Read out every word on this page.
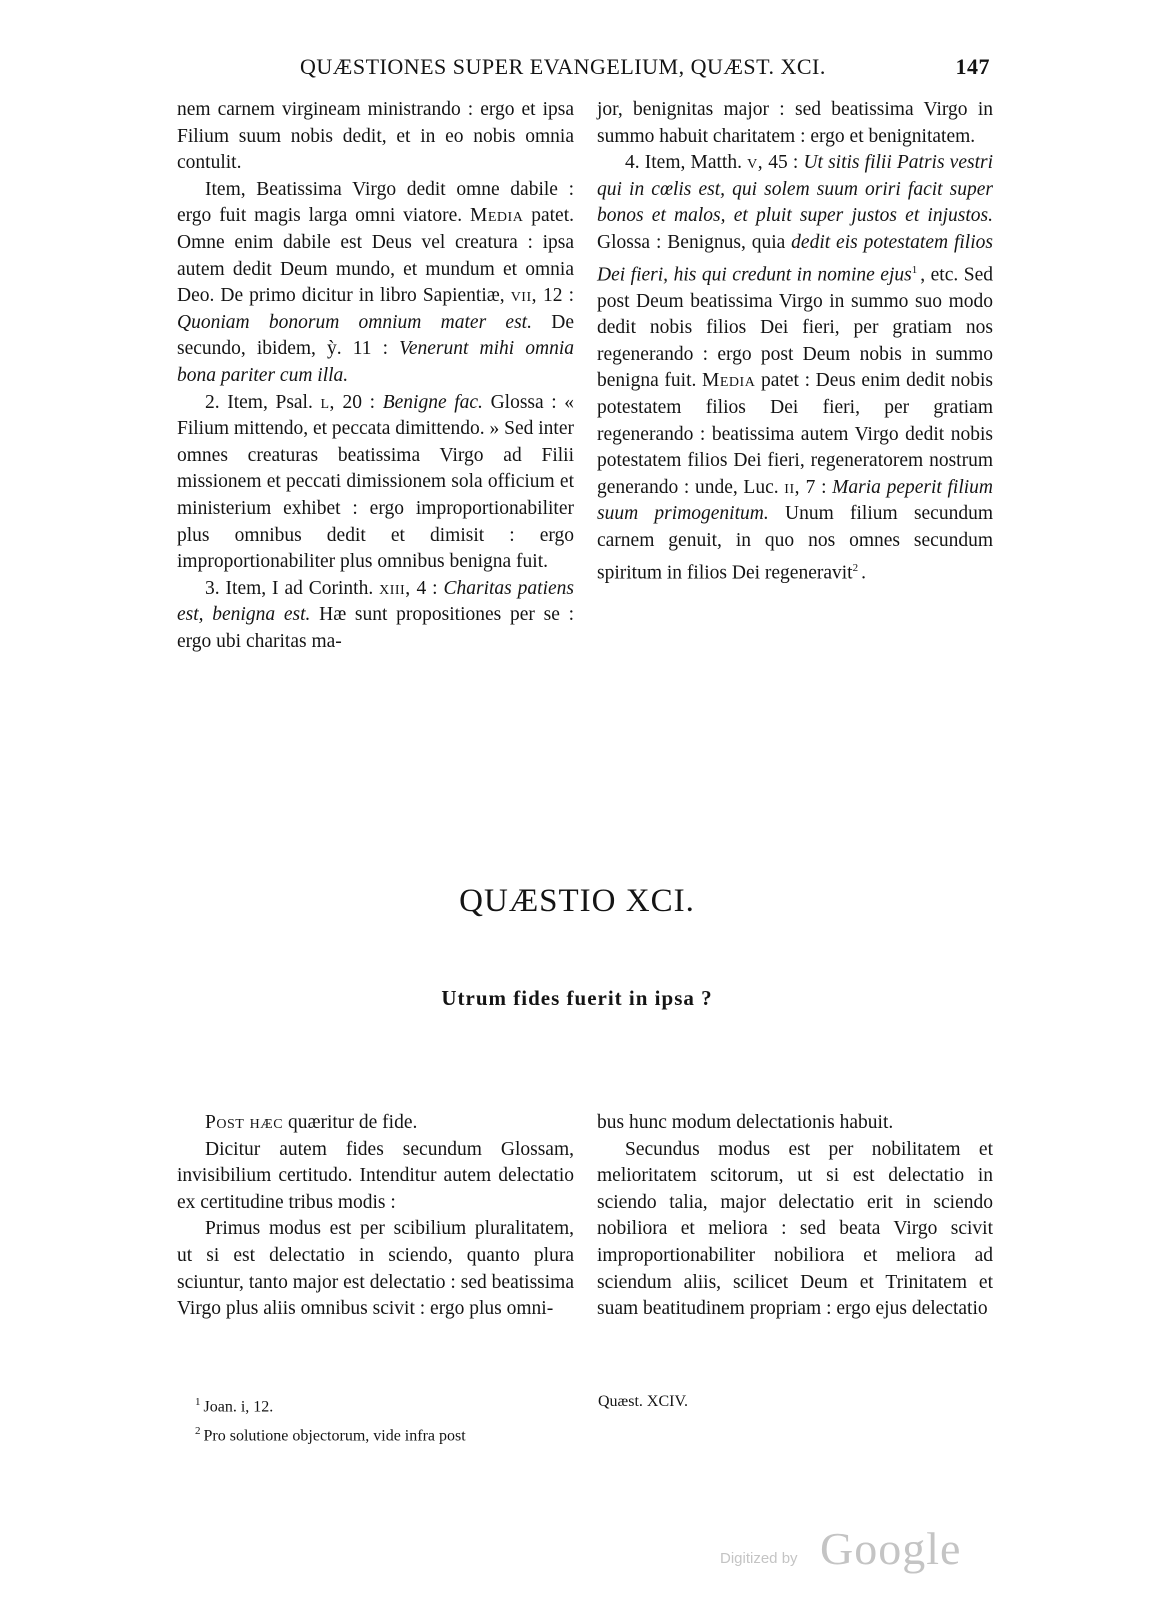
QUÆSTIONES SUPER EVANGELIUM, QUÆST. XCI.	147

nem carnem virgineam ministrando : ergo et ipsa Filium suum nobis dedit, et in eo nobis omnia contulit.

Item, Beatissima Virgo dedit omne dabile : ergo fuit magis larga omni viatore. Media patet. Omne enim dabile est Deus vel creatura : ipsa autem dedit Deum mundo, et mundum et omnia Deo. De primo dicitur in libro Sapientiæ, vii, 12 : Quoniam bonorum omnium mater est. De secundo, ibidem, ỳ. 11 : Venerunt mihi omnia bona pariter cum illa.

2. Item, Psal. l, 20 : Benigne fac. Glossa : « Filium mittendo, et peccata dimittendo. » Sed inter omnes creaturas beatissima Virgo ad Filii missionem et peccati dimissionem sola officium et ministerium exhibet : ergo improportionabiliter plus omnibus dedit et dimisit : ergo improportionabiliter plus omnibus benigna fuit.

3. Item, I ad Corinth. xiii, 4 : Charitas patiens est, benigna est. Hæ sunt propositiones per se : ergo ubi charitas ma-

jor, benignitas major : sed beatissima Virgo in summo habuit charitatem : ergo et benignitatem.

4. Item, Matth. v, 45 : Ut sitis filii Patris vestri qui in cœlis est, qui solem suum oriri facit super bonos et malos, et pluit super justos et injustos. Glossa : Benignus, quia dedit eis potestatem filios Dei fieri, his qui credunt in nomine ejus$^1$ , etc. Sed post Deum beatissima Virgo in summo suo modo dedit nobis filios Dei fieri, per gratiam nos regenerando : ergo post Deum nobis in summo benigna fuit. Media patet : Deus enim dedit nobis potestatem filios Dei fieri, per gratiam regenerando : beatissima autem Virgo dedit nobis potestatem filios Dei fieri, regeneratorem nostrum generando : unde, Luc. ii, 7 : Maria peperit filium suum primogenitum. Unum filium secundum carnem genuit, in quo nos omnes secundum spiritum in filios Dei regeneravit$^2$ .

QUÆSTIO XCI.
Utrum fides fuerit in ipsa ?

Post hæc quæritur de fide.

Dicitur autem fides secundum Glossam, invisibilium certitudo. Intenditur autem delectatio ex certitudine tribus modis :

Primus modus est per scibilium pluralitatem, ut si est delectatio in sciendo, quanto plura sciuntur, tanto major est delectatio : sed beatissima Virgo plus aliis omnibus scivit : ergo plus omni-

bus hunc modum delectationis habuit.

Secundus modus est per nobilitatem et melioritatem scitorum, ut si est delectatio in sciendo talia, major delectatio erit in sciendo nobiliora et meliora : sed beata Virgo scivit improportionabiliter nobiliora et meliora ad sciendum aliis, scilicet Deum et Trinitatem et suam beatitudinem propriam : ergo ejus delectatio

$^1$ Joan. i, 12.
$^2$ Pro solutione objectorum, vide infra post
Quæst. XCIV.
Digitized by Google
